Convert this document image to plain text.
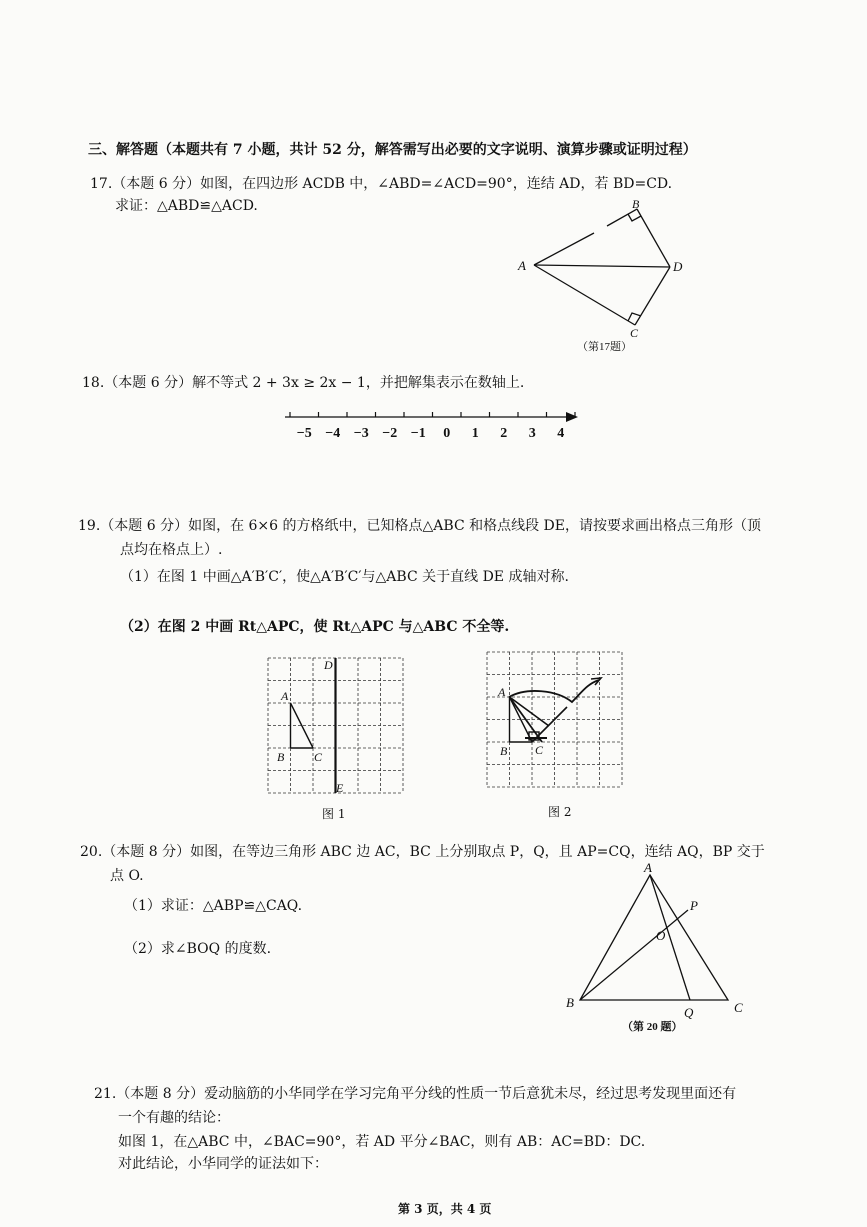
三、解答题（本题共有 7 小题，共计 52 分，解答需写出必要的文字说明、演算步骤或证明过程）
17.（本题 6 分）如图，在四边形 ACDB 中，∠ABD=∠ACD=90°，连结 AD，若 BD=CD.
求证：△ABD≌△ACD.
A
B
C
D
（第17题）
18.（本题 6 分）解不等式 2 + 3x ≥ 2x − 1，并把解集表示在数轴上.
−5 −4 −3 −2 −1 0 1 2 3 4
19.（本题 6 分）如图，在 6×6 的方格纸中，已知格点△ABC 和格点线段 DE，请按要求画出格点三角形（顶
点均在格点上）.
（1）在图 1 中画△A′B′C′，使△A′B′C′与△ABC 关于直线 DE 成轴对称.
（2）在图 2 中画 Rt△APC，使 Rt△APC 与△ABC 不全等.
D
E
A
B C
图 1
A
B C
图 2
20.（本题 8 分）如图，在等边三角形 ABC 边 AC，BC 上分别取点 P，Q，且 AP=CQ，连结 AQ，BP 交于
点 O.
（1）求证：△ABP≌△CAQ.
（2）求∠BOQ 的度数.
A
B	C
P
Q
O
（第 20 题）
21.（本题 8 分）爱动脑筋的小华同学在学习完角平分线的性质一节后意犹未尽，经过思考发现里面还有
一个有趣的结论：
如图 1，在△ABC 中，∠BAC=90°，若 AD 平分∠BAC，则有 AB：AC=BD：DC.
对此结论，小华同学的证法如下：
第 3 页，共 4 页
